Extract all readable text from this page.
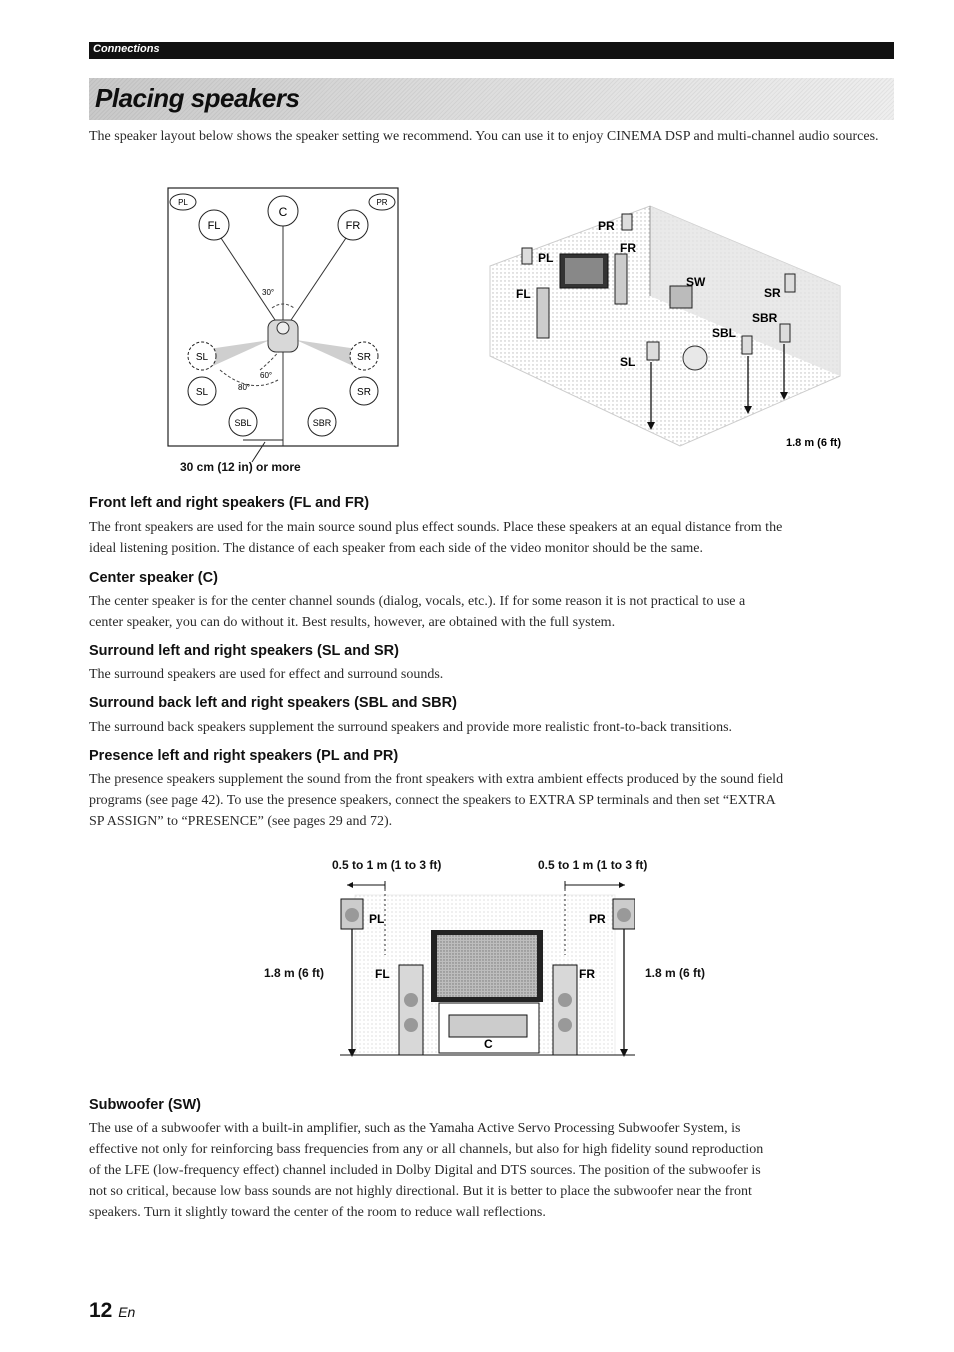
Connections
Placing speakers
The speaker layout below shows the speaker setting we recommend. You can use it to enjoy CINEMA DSP and multi-channel audio sources.
PL	PR
C
FL	FR
SL	SR
SL	SR
SBL	SBR
30°
60°
80°
30 cm (12 in) or more
PR
PL
FR
FL
SW
SR
SBR
SBL
SL
1.8 m (6 ft)
Front left and right speakers (FL and FR)
The front speakers are used for the main source sound plus effect sounds. Place these speakers at an equal distance from the
ideal listening position. The distance of each speaker from each side of the video monitor should be the same.
Center speaker (C)
The center speaker is for the center channel sounds (dialog, vocals, etc.). If for some reason it is not practical to use a
center speaker, you can do without it. Best results, however, are obtained with the full system.
Surround left and right speakers (SL and SR)
The surround speakers are used for effect and surround sounds.
Surround back left and right speakers (SBL and SBR)
The surround back speakers supplement the surround speakers and provide more realistic front-to-back transitions.
Presence left and right speakers (PL and PR)
The presence speakers supplement the sound from the front speakers with extra ambient effects produced by the sound field
programs (see page 42). To use the presence speakers, connect the speakers to EXTRA SP terminals and then set “EXTRA
SP ASSIGN” to “PRESENCE” (see pages 29 and 72).
0.5 to 1 m (1 to 3 ft)	0.5 to 1 m (1 to 3 ft)
1.8 m (6 ft)	1.8 m (6 ft)
PL	PR
FL	FR
C
Subwoofer (SW)
The use of a subwoofer with a built-in amplifier, such as the Yamaha Active Servo Processing Subwoofer System, is
effective not only for reinforcing bass frequencies from any or all channels, but also for high fidelity sound reproduction
of the LFE (low-frequency effect) channel included in Dolby Digital and DTS sources. The position of the subwoofer is
not so critical, because low bass sounds are not highly directional. But it is better to place the subwoofer near the front
speakers. Turn it slightly toward the center of the room to reduce wall reflections.
12 En
